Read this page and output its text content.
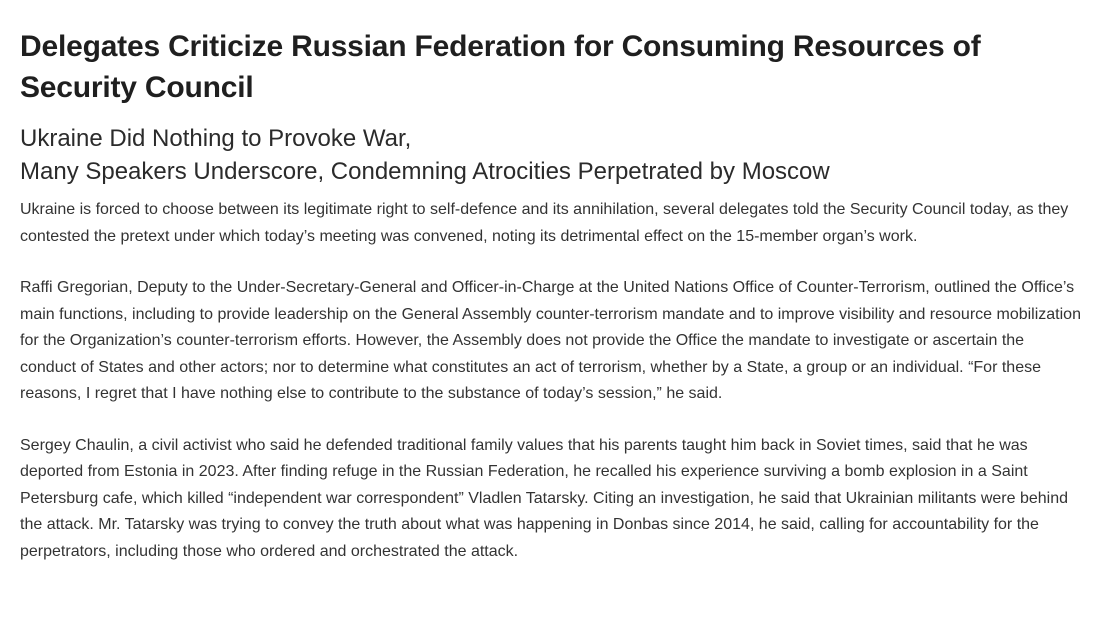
Delegates Criticize Russian Federation for Consuming Resources of Security Council
Ukraine Did Nothing to Provoke War,
Many Speakers Underscore, Condemning Atrocities Perpetrated by Moscow

Ukraine is forced to choose between its legitimate right to self-defence and its annihilation, several delegates told the Security Council today, as they contested the pretext under which today’s meeting was convened, noting its detrimental effect on the 15-member organ’s work.

Raffi Gregorian, Deputy to the Under-Secretary-General and Officer-in-Charge at the United Nations Office of Counter-Terrorism, outlined the Office’s main functions, including to provide leadership on the General Assembly counter-terrorism mandate and to improve visibility and resource mobilization for the Organization’s counter-terrorism efforts. However, the Assembly does not provide the Office the mandate to investigate or ascertain the conduct of States and other actors; nor to determine what constitutes an act of terrorism, whether by a State, a group or an individual. “For these reasons, I regret that I have nothing else to contribute to the substance of today’s session,” he said.

Sergey Chaulin, a civil activist who said he defended traditional family values that his parents taught him back in Soviet times, said that he was deported from Estonia in 2023. After finding refuge in the Russian Federation, he recalled his experience surviving a bomb explosion in a Saint Petersburg cafe, which killed “independent war correspondent” Vladlen Tatarsky. Citing an investigation, he said that Ukrainian militants were behind the attack. Mr. Tatarsky was trying to convey the truth about what was happening in Donbas since 2014, he said, calling for accountability for the perpetrators, including those who ordered and orchestrated the attack.
